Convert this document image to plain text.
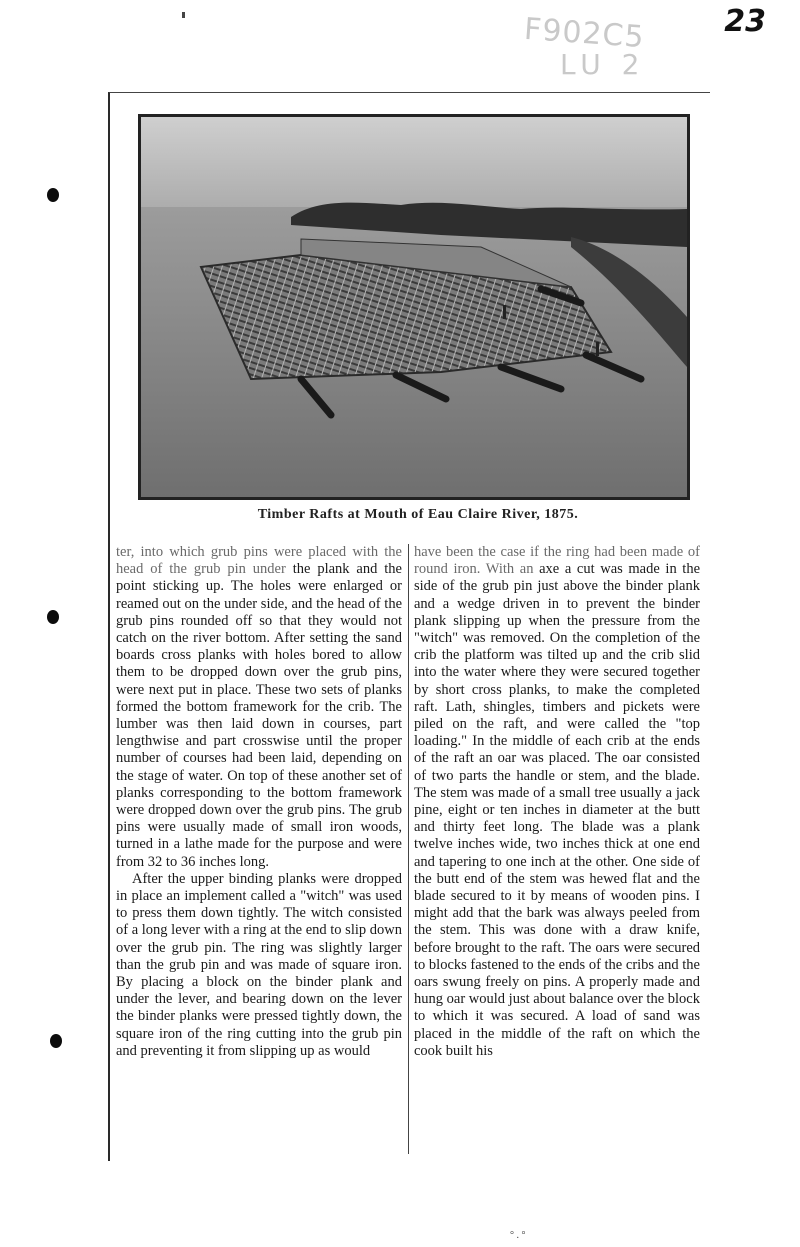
23
F902C5
LU 2
Timber Rafts at Mouth of Eau Claire River, 1875.

ter, into which grub pins were placed with the head of the grub pin under the plank and the point sticking up. The holes were enlarged or reamed out on the under side, and the head of the grub pins rounded off so that they would not catch on the river bottom. After setting the sand boards cross planks with holes bored to allow them to be dropped down over the grub pins, were next put in place. These two sets of planks formed the bottom framework for the crib. The lumber was then laid down in courses, part lengthwise and part crosswise until the proper number of courses had been laid, depending on the stage of water. On top of these another set of planks corresponding to the bottom framework were dropped down over the grub pins. The grub pins were usually made of small iron woods, turned in a lathe made for the purpose and were from 32 to 36 inches long.

After the upper binding planks were dropped in place an implement called a "witch" was used to press them down tightly. The witch consisted of a long lever with a ring at the end to slip down over the grub pin. The ring was slightly larger than the grub pin and was made of square iron. By placing a block on the binder plank and under the lever, and bearing down on the lever the binder planks were pressed tightly down, the square iron of the ring cutting into the grub pin and preventing it from slipping up as would

have been the case if the ring had been made of round iron. With an axe a cut was made in the side of the grub pin just above the binder plank and a wedge driven in to prevent the binder plank slipping up when the pressure from the "witch" was removed. On the completion of the crib the platform was tilted up and the crib slid into the water where they were secured together by short cross planks, to make the completed raft. Lath, shingles, timbers and pickets were piled on the raft, and were called the "top loading." In the middle of each crib at the ends of the raft an oar was placed. The oar consisted of two parts the handle or stem, and the blade. The stem was made of a small tree usually a jack pine, eight or ten inches in diameter at the butt and thirty feet long. The blade was a plank twelve inches wide, two inches thick at one end and tapering to one inch at the other. One side of the butt end of the stem was hewed flat and the blade secured to it by means of wooden pins. I might add that the bark was always peeled from the stem. This was done with a draw knife, before brought to the raft. The oars were secured to blocks fastened to the ends of the cribs and the oars swung freely on pins. A properly made and hung oar would just about balance over the block to which it was secured. A load of sand was placed in the middle of the raft on which the cook built his

° . °
